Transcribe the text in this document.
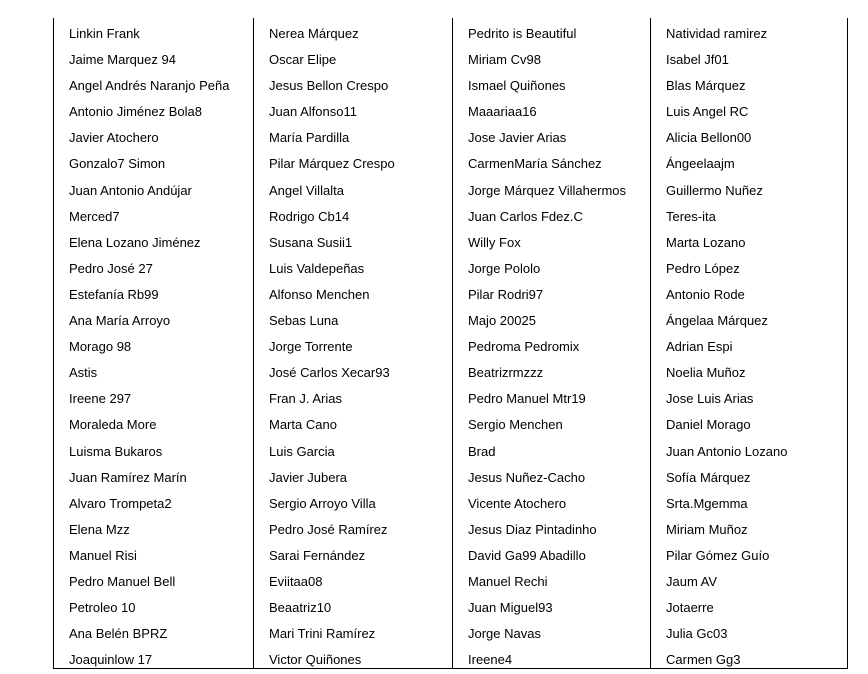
Linkin Frank
Jaime Marquez 94
Angel Andrés Naranjo Peña
Antonio Jiménez Bola8
Javier Atochero
Gonzalo7 Simon
Juan Antonio Andújar
Merced7
Elena Lozano Jiménez
Pedro José 27
Estefanía Rb99
Ana María Arroyo
Morago 98
Astis
Ireene 297
Moraleda More
Luisma Bukaros
Juan Ramírez Marín
Alvaro Trompeta2
Elena Mzz
Manuel Risi
Pedro Manuel Bell
Petroleo 10
Ana Belén BPRZ
Joaquinlow 17
Nerea Márquez
Oscar Elipe
Jesus Bellon Crespo
Juan Alfonso11
María Pardilla
Pilar Márquez Crespo
Angel Villalta
Rodrigo Cb14
Susana Susii1
Luis Valdepeñas
Alfonso Menchen
Sebas Luna
Jorge Torrente
José Carlos Xecar93
Fran J. Arias
Marta Cano
Luis Garcia
Javier Jubera
Sergio Arroyo Villa
Pedro José Ramírez
Sarai Fernández
Eviitaa08
Beaatriz10
Mari Trini Ramírez
Victor Quiñones
Pedrito is Beautiful
Miriam Cv98
Ismael Quiñones
Maaariaa16
Jose Javier Arias
CarmenMaría Sánchez
Jorge Márquez Villahermos
Juan Carlos Fdez.C
Willy Fox
Jorge Pololo
Pilar Rodri97
Majo 20025
Pedroma Pedromix
Beatrizrmzzz
Pedro Manuel Mtr19
Sergio Menchen
Brad
Jesus Nuñez-Cacho
Vicente Atochero
Jesus Diaz Pintadinho
David Ga99 Abadillo
Manuel Rechi
Juan Miguel93
Jorge Navas
Ireene4
Natividad ramirez
Isabel Jf01
Blas Márquez
Luis Angel RC
Alicia Bellon00
Ángeelaajm
Guillermo Nuñez
Teres-ita
Marta Lozano
Pedro López
Antonio Rode
Ángelaa Márquez
Adrian Espi
Noelia Muñoz
Jose Luis Arias
Daniel Morago
Juan Antonio Lozano
Sofía Márquez
Srta.Mgemma
Miriam Muñoz
Pilar Gómez Guío
Jaum AV
Jotaerre
Julia Gc03
Carmen Gg3
